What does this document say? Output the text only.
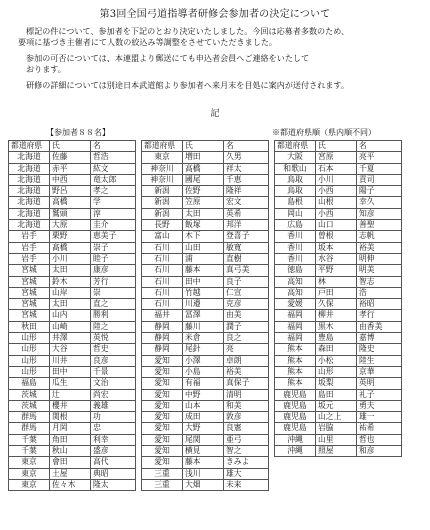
第3回全国弓道指導者研修会参加者の決定について

標記の件について、参加者を下記のとおり決定いたしました。今回は応募者多数のため、

要項に基づき主催者にて人数の絞込み等調整をさせていただきました。

参加の可否については、本連盟より郵送にても申込者会員へご連絡をいたして

おります。

研修の詳細については別途日本武道館より参加者へ来月末を目処に案内が送付されます。

記
【参加者８８名】	※都道府県順（県内順不同）
都道府県	氏	名
北海道	佐藤	哲浩
北海道	赤平	紘文
北海道	中西	竜太郎
北海道	野呂	孝之
北海道	高橋	学
北海道	鷲頭	淳
北海道	大原	圭介
岩手	栗野	恵美子
岩手	髙橋	崇子
岩手	小川	睦子
宮城	太田	康彦
宮城	鈴木	芳行
宮城	山岸	崇
宮城	太田	直之
宮城	山内	勝利
秋田	山崎	陸之
山形	井澤	英悦
山形	大谷	哲史
山形	川井	良彦
山形	田中	千景
福島	瓜生	文治
茨城	辻	尚宏
茨城	櫻井	義雄
群馬	関根	功
群馬	月岡	忠
千葉	角田	利幸
千葉	秋山	盛彦
東京	會田	高代
東京	土屋	典昭
東京	佐々木	隆太
都道府県	氏	名
東京	増田	久男
神奈川	高橋	祥太
神奈川	國尾	千恵
新潟	佐野	隆祥
新潟	笠原	宏文
新潟	太田	英希
長野	飯塚	邦洋
富山	木下	登喜子
石川	山田	敏寛
石川	浦	直樹
石川	藤本	真弓美
石川	田中	良子
石川	竹越	仁宣
石川	川邉	克彦
福井	冨澤	由美
静岡	藤川	潤子
静岡	米倉	良之
静岡	尾針	亮
愛知	小澤	卓朗
愛知	小島	裕美
愛知	有福	真保子
愛知	中野	清明
愛知	山本	和美
愛知	成田	敦彦
愛知	大野	良憲
愛知	尾関	亜弓
愛知	横見	智之
愛知	藤本	きみよ
三重	浅川	雄大
三重	大畑	未来
都道府県	氏	名
大阪	宮原	亮平
和歌山	石本	千夏
鳥取	小川	貢司
鳥取	小西	陽子
島根	山根	幸久
岡山	小西	知彦
広島	山口	善聖
香川	曽根	志帆
香川	坂本	裕美
香川	水谷	明伸
徳島	平野	明美
高知	林	智志
高知	戸田	浩
愛媛	久保	裕昭
福岡	柳井	孝行
福岡	黒木	由香美
福岡	豊島	嘉博
熊本	森田	隆史
熊本	小松	陸生
熊本	山形	京華
熊本	坂梨	英明
鹿児島	島田	礼子
鹿児島	坂元	勇夫
鹿児島	山之上	雄一
鹿児島	岩脇	祐希
沖縄	山里	哲也
沖縄	照屋	和彦
